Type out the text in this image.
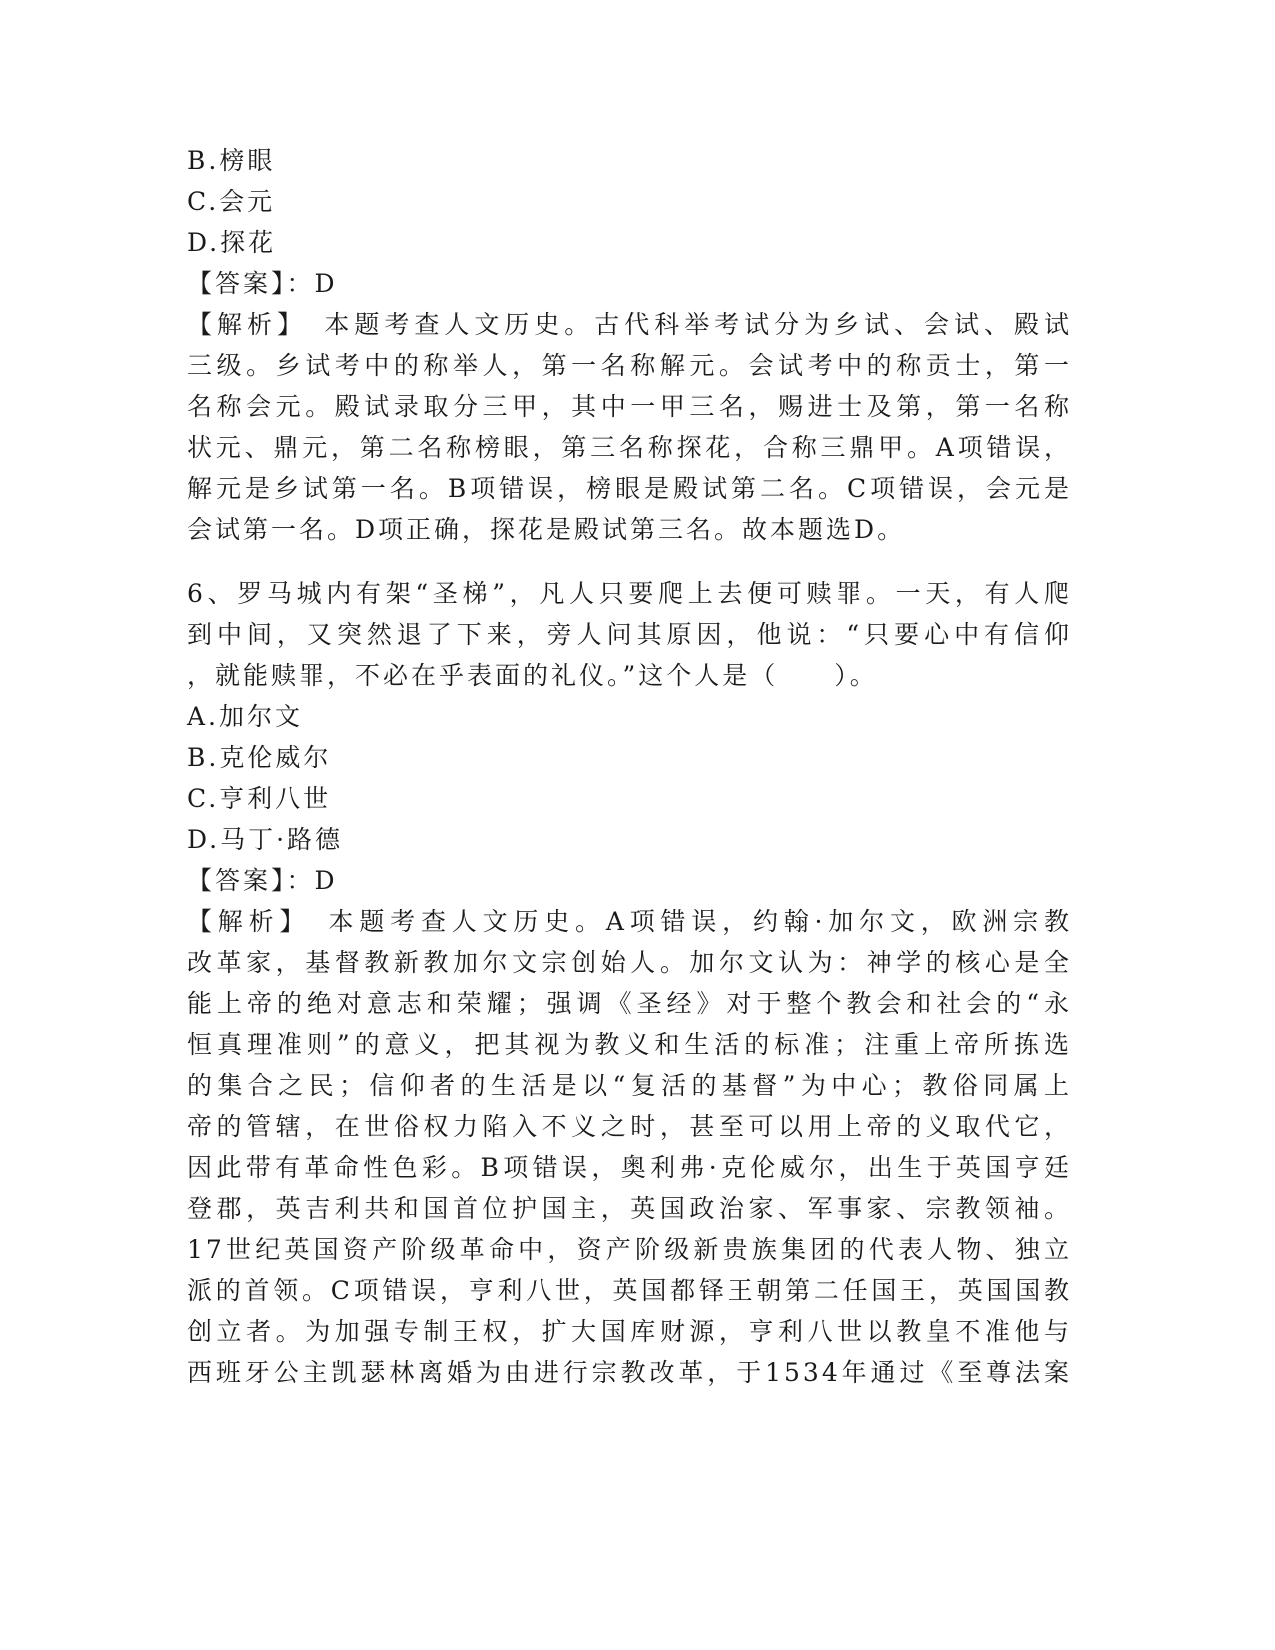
B.榜眼
C.会元
D.探花
【答案】：D
【解析】　本题考查人文历史。古代科举考试分为乡试、会试、殿试
三级。乡试考中的称举人，第一名称解元。会试考中的称贡士，第一
名称会元。殿试录取分三甲，其中一甲三名，赐进士及第，第一名称
状元、鼎元，第二名称榜眼，第三名称探花，合称三鼎甲。A项错误，
解元是乡试第一名。B项错误，榜眼是殿试第二名。C项错误，会元是
会试第一名。D项正确，探花是殿试第三名。故本题选D。
6、罗马城内有架“圣梯”，凡人只要爬上去便可赎罪。一天，有人爬
到中间，又突然退了下来，旁人问其原因，他说：“只要心中有信仰
，就能赎罪，不必在乎表面的礼仪。”这个人是（　　）。
A.加尔文
B.克伦威尔
C.亨利八世
D.马丁·路德
【答案】：D
【解析】　本题考查人文历史。A项错误，约翰·加尔文，欧洲宗教
改革家，基督教新教加尔文宗创始人。加尔文认为：神学的核心是全
能上帝的绝对意志和荣耀；强调《圣经》对于整个教会和社会的“永
恒真理准则”的意义，把其视为教义和生活的标准；注重上帝所拣选
的集合之民；信仰者的生活是以“复活的基督”为中心；教俗同属上
帝的管辖，在世俗权力陷入不义之时，甚至可以用上帝的义取代它，
因此带有革命性色彩。B项错误，奥利弗·克伦威尔，出生于英国亨廷
登郡，英吉利共和国首位护国主，英国政治家、军事家、宗教领袖。
17世纪英国资产阶级革命中，资产阶级新贵族集团的代表人物、独立
派的首领。C项错误，亨利八世，英国都铎王朝第二任国王，英国国教
创立者。为加强专制王权，扩大国库财源，亨利八世以教皇不准他与
西班牙公主凯瑟林离婚为由进行宗教改革，于1534年通过《至尊法案
